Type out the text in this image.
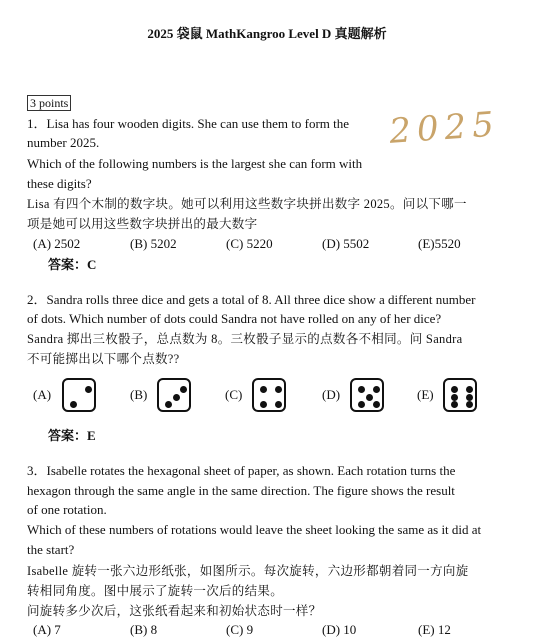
2025 袋鼠 MathKangroo Level D 真题解析
3 points
2025
1．Lisa has four wooden digits. She can use them to form the
number 2025.
Which of the following numbers is the largest she can form with
these digits?
Lisa 有四个木制的数字块。她可以利用这些数字块拼出数字 2025。问以下哪一
项是她可以用这些数字块拼出的最大数字
(A) 2502	(B) 5202	(C) 5220	(D) 5502	(E)5520
答案：C
2．Sandra rolls three dice and gets a total of 8. All three dice show a different number
of dots. Which number of dots could Sandra not have rolled on any of her dice?
Sandra 掷出三枚骰子，总点数为 8。三枚骰子显示的点数各不相同。问 Sandra
不可能掷出以下哪个点数??
(A)	(B)	(C)	(D)	(E)
答案：E
3．Isabelle rotates the hexagonal sheet of paper, as shown. Each rotation turns the
hexagon through the same angle in the same direction. The figure shows the result
of one rotation.
Which of these numbers of rotations would leave the sheet looking the same as it did at
the start?
Isabelle 旋转一张六边形纸张，如图所示。每次旋转，六边形都朝着同一方向旋
转相同角度。图中展示了旋转一次后的结果。
问旋转多少次后，这张纸看起来和初始状态时一样？
(A) 7	(B) 8	(C) 9	(D) 10	(E) 12
